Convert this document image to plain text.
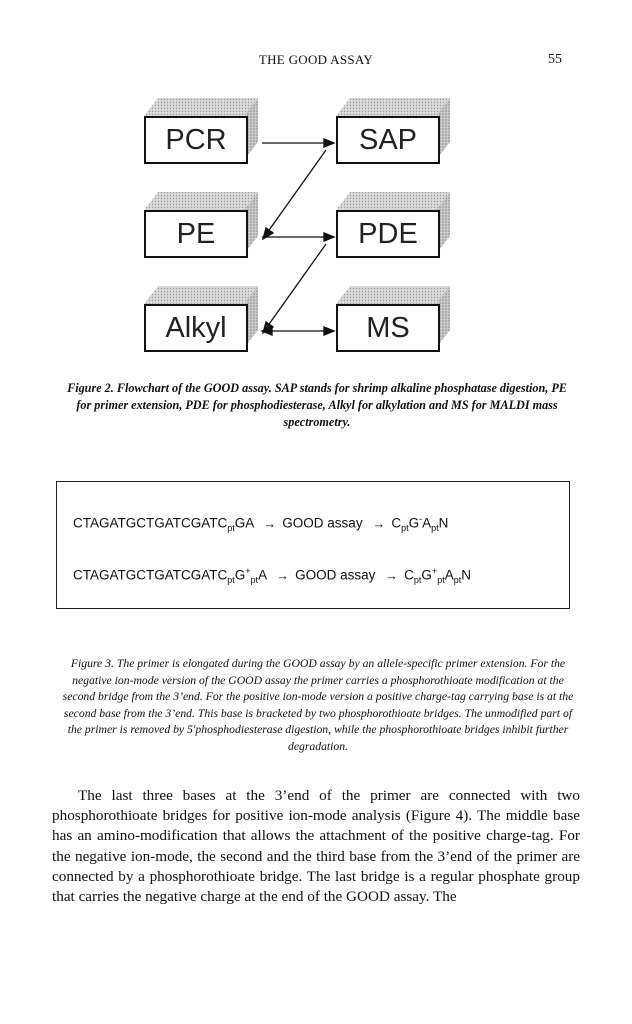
THE GOOD ASSAY	55
PCR	SAP
PE	PDE
Alkyl	MS
Figure 2. Flowchart of the GOOD assay. SAP stands for shrimp alkaline phosphatase digestion, PE for primer extension, PDE for phosphodiesterase, Alkyl for alkylation and MS for MALDI mass spectrometry.
$CTAGATGCTGATCGATC_{pt}GA$ → GOOD assay → $C_{pt}G^-A_{pt}N$
$CTAGATGCTGATCGATC_{pt}G^+_{pt}A$ → GOOD assay → $C_{pt}G^+_{pt}A_{pt}N$
Figure 3. The primer is elongated during the GOOD assay by an allele-specific primer extension. For the negative ion-mode version of the GOOD assay the primer carries a phosphorothioate modification at the second bridge from the 3’end. For the positive ion-mode version a positive charge-tag carrying base is at the second base from the 3’end. This base is bracketed by two phosphorothioate bridges. The unmodified part of the primer is removed by 5'phosphodiesterase digestion, while the phosphorothioate bridges inhibit further degradation.

The last three bases at the 3’end of the primer are connected with two phosphorothioate bridges for positive ion-mode analysis (Figure 4). The middle base has an amino-modification that allows the attachment of the positive charge-tag. For the negative ion-mode, the second and the third base from the 3’end of the primer are connected by a phosphorothioate bridge. The last bridge is a regular phosphate group that carries the negative charge at the end of the GOOD assay. The
